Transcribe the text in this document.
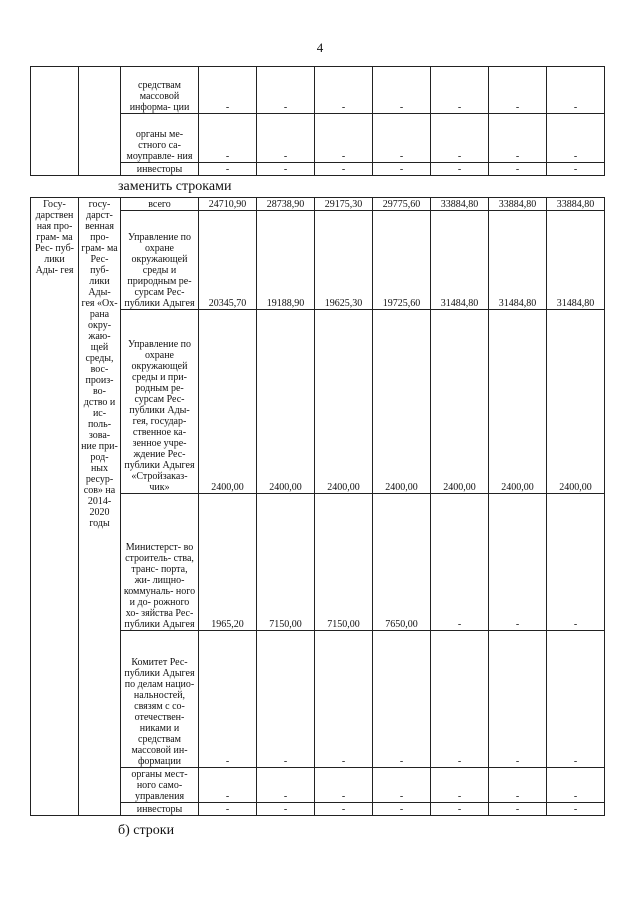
4
		средствам массовой информа- ции	-	-	-	-	-	-	-
		органы ме- стного са- моуправле- ния	-	-	-	-	-	-	-
		инвесторы	-	-	-	-	-	-	-
заменить строками
Госу- дарствен ная про- грам- ма Рес- пуб- лики Ады- гея	госу- дарст- венная про- грам- ма Рес- пуб- лики Ады- гея «Ох- рана окру- жаю- щей среды, вос- произ- во- дство и ис- поль- зова- ние при- род- ных ресур- сов» на 2014- 2020 годы	всего	24710,90	28738,90	29175,30	29775,60	33884,80	33884,80	33884,80
		Управление по охране окружающей среды и природным ре- сурсам Рес- публики Адыгея	20345,70	19188,90	19625,30	19725,60	31484,80	31484,80	31484,80
		Управление по охране окружающей среды и при- родным ре- сурсам Рес- публики Ады- гея, государ- ственное ка- зенное учре- ждение Рес- публики Адыгея «Стройзаказ- чик»	2400,00	2400,00	2400,00	2400,00	2400,00	2400,00	2400,00
		Министерст- во строитель- ства, транс- порта, жи- лищно- коммуналь- ного и до- рожного хо- зяйства Рес- публики Адыгея	1965,20	7150,00	7150,00	7650,00	-	-	-
		Комитет Рес- публики Адыгея по делам нацио- нальностей, связям с со- отечествен- никами и средствам массовой ин- формации	-	-	-	-	-	-	-
		органы мест- ного само- управления	-	-	-	-	-	-	-
		инвесторы	-	-	-	-	-	-	-
б) строки
